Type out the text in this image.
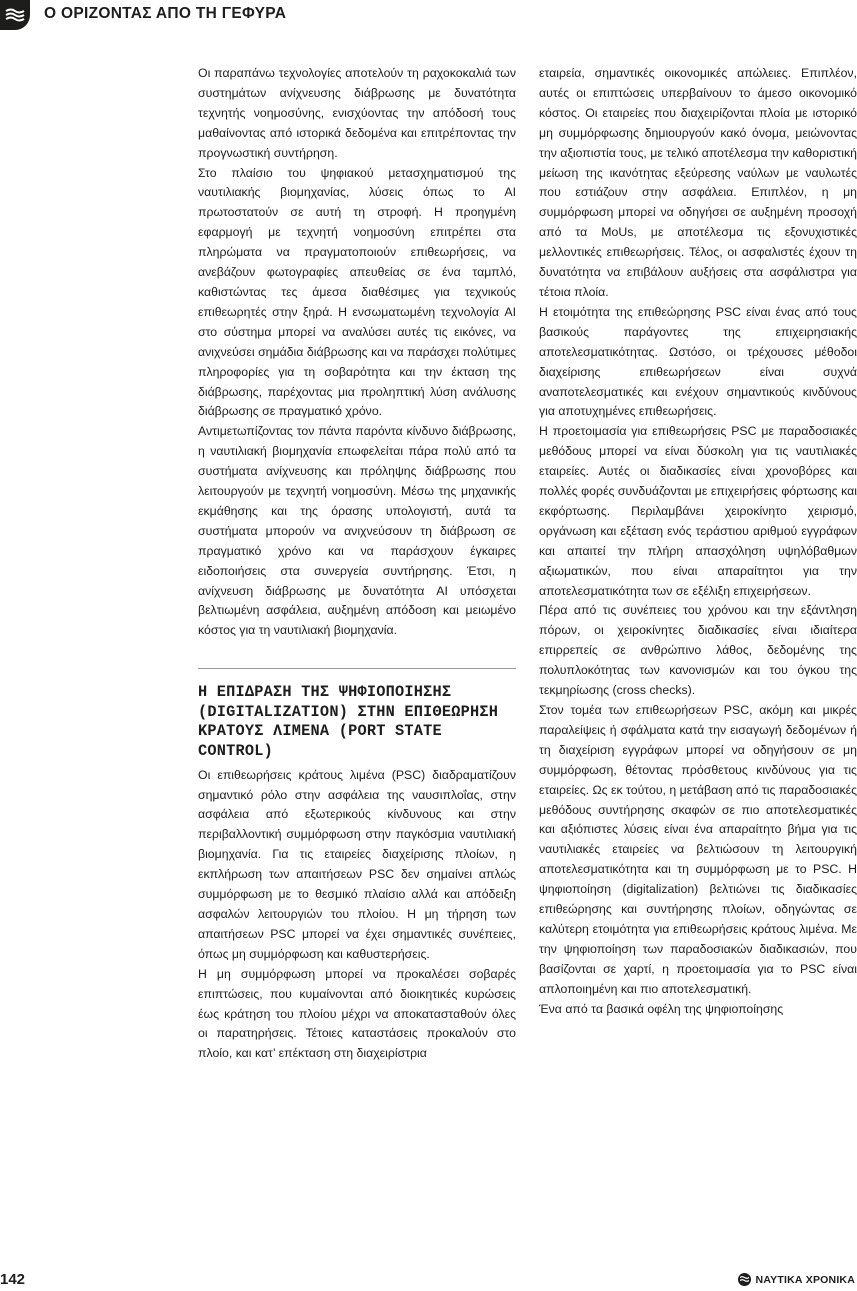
Ο ΟΡΙΖΟΝΤΑΣ ΑΠΟ ΤΗ ΓΕΦΥΡΑ

Οι παραπάνω τεχνολογίες αποτελούν τη ραχοκοκαλιά των συστημάτων ανίχνευσης διάβρωσης με δυνατότητα τεχνητής νοημοσύνης, ενισχύοντας την απόδοσή τους μαθαίνοντας από ιστορικά δεδομένα και επιτρέποντας την προγνωστική συντήρηση.

Στο πλαίσιο του ψηφιακού μετασχηματισμού της ναυτιλιακής βιομηχανίας, λύσεις όπως το AI πρωτοστατούν σε αυτή τη στροφή. Η προηγμένη εφαρμογή με τεχνητή νοημοσύνη επιτρέπει στα πληρώματα να πραγματοποιούν επιθεωρήσεις, να ανεβάζουν φωτογραφίες απευθείας σε ένα ταμπλό, καθιστώντας τες άμεσα διαθέσιμες για τεχνικούς επιθεωρητές στην ξηρά. Η ενσωματωμένη τεχνολογία AI στο σύστημα μπορεί να αναλύσει αυτές τις εικόνες, να ανιχνεύσει σημάδια διάβρωσης και να παράσχει πολύτιμες πληροφορίες για τη σοβαρότητα και την έκταση της διάβρωσης, παρέχοντας μια προληπτική λύση ανάλυσης διάβρωσης σε πραγματικό χρόνο.

Αντιμετωπίζοντας τον πάντα παρόντα κίνδυνο διάβρωσης, η ναυτιλιακή βιομηχανία επωφελείται πάρα πολύ από τα συστήματα ανίχνευσης και πρόληψης διάβρωσης που λειτουργούν με τεχνητή νοημοσύνη. Μέσω της μηχανικής εκμάθησης και της όρασης υπολογιστή, αυτά τα συστήματα μπορούν να ανιχνεύσουν τη διάβρωση σε πραγματικό χρόνο και να παράσχουν έγκαιρες ειδοποιήσεις στα συνεργεία συντήρησης. Έτσι, η ανίχνευση διάβρωσης με δυνατότητα AI υπόσχεται βελτιωμένη ασφάλεια, αυξημένη απόδοση και μειωμένο κόστος για τη ναυτιλιακή βιομηχανία.

Η ΕΠΙΔΡΑΣΗ ΤΗΣ ΨΗΦΙΟΠΟΙΗΣΗΣ (DIGITALIZATION) ΣΤΗΝ ΕΠΙΘΕΩΡΗΣΗ ΚΡΑΤΟΥΣ ΛΙΜΕΝΑ (PORT STATE CONTROL)

Οι επιθεωρήσεις κράτους λιμένα (PSC) διαδραματίζουν σημαντικό ρόλο στην ασφάλεια της ναυσιπλοΐας, στην ασφάλεια από εξωτερικούς κίνδυνους και στην περιβαλλοντική συμμόρφωση στην παγκόσμια ναυτιλιακή βιομηχανία. Για τις εταιρείες διαχείρισης πλοίων, η εκπλήρωση των απαιτήσεων PSC δεν σημαίνει απλώς συμμόρφωση με το θεσμικό πλαίσιο αλλά και απόδειξη ασφαλών λειτουργιών του πλοίου. Η μη τήρηση των απαιτήσεων PSC μπορεί να έχει σημαντικές συνέπειες, όπως μη συμμόρφωση και καθυστερήσεις.

Η μη συμμόρφωση μπορεί να προκαλέσει σοβαρές επιπτώσεις, που κυμαίνονται από διοικητικές κυρώσεις έως κράτηση του πλοίου μέχρι να αποκατασταθούν όλες οι παρατηρήσεις. Τέτοιες καταστάσεις προκαλούν στο πλοίο, και κατ’ επέκταση στη διαχειρίστρια

εταιρεία, σημαντικές οικονομικές απώλειες. Επιπλέον, αυτές οι επιπτώσεις υπερβαίνουν το άμεσο οικονομικό κόστος. Οι εταιρείες που διαχειρίζονται πλοία με ιστορικό μη συμμόρφωσης δημιουργούν κακό όνομα, μειώνοντας την αξιοπιστία τους, με τελικό αποτέλεσμα την καθοριστική μείωση της ικανότητας εξεύρεσης ναύλων με ναυλωτές που εστιάζουν στην ασφάλεια. Επιπλέον, η μη συμμόρφωση μπορεί να οδηγήσει σε αυξημένη προσοχή από τα MoUs, με αποτέλεσμα τις εξονυχιστικές μελλοντικές επιθεωρήσεις. Τέλος, οι ασφαλιστές έχουν τη δυνατότητα να επιβάλουν αυξήσεις στα ασφάλιστρα για τέτοια πλοία.

Η ετοιμότητα της επιθεώρησης PSC είναι ένας από τους βασικούς παράγοντες της επιχειρησιακής αποτελεσματικότητας. Ωστόσο, οι τρέχουσες μέθοδοι διαχείρισης επιθεωρήσεων είναι συχνά αναποτελεσματικές και ενέχουν σημαντικούς κινδύνους για αποτυχημένες επιθεωρήσεις.

Η προετοιμασία για επιθεωρήσεις PSC με παραδοσιακές μεθόδους μπορεί να είναι δύσκολη για τις ναυτιλιακές εταιρείες. Αυτές οι διαδικασίες είναι χρονοβόρες και πολλές φορές συνδυάζονται με επιχειρήσεις φόρτωσης και εκφόρτωσης. Περιλαμβάνει χειροκίνητο χειρισμό, οργάνωση και εξέταση ενός τεράστιου αριθμού εγγράφων και απαιτεί την πλήρη απασχόληση υψηλόβαθμων αξιωματικών, που είναι απαραίτητοι για την αποτελεσματικότητα των σε εξέλιξη επιχειρήσεων.

Πέρα από τις συνέπειες του χρόνου και την εξάντληση πόρων, οι χειροκίνητες διαδικασίες είναι ιδιαίτερα επιρρεπείς σε ανθρώπινο λάθος, δεδομένης της πολυπλοκότητας των κανονισμών και του όγκου της τεκμηρίωσης (cross checks).

Στον τομέα των επιθεωρήσεων PSC, ακόμη και μικρές παραλείψεις ή σφάλματα κατά την εισαγωγή δεδομένων ή τη διαχείριση εγγράφων μπορεί να οδηγήσουν σε μη συμμόρφωση, θέτοντας πρόσθετους κινδύνους για τις εταιρείες. Ως εκ τούτου, η μετάβαση από τις παραδοσιακές μεθόδους συντήρησης σκαφών σε πιο αποτελεσματικές και αξιόπιστες λύσεις είναι ένα απαραίτητο βήμα για τις ναυτιλιακές εταιρείες να βελτιώσουν τη λειτουργική αποτελεσματικότητα και τη συμμόρφωση με το PSC. Η ψηφιοποίηση (digitalization) βελτιώνει τις διαδικασίες επιθεώρησης και συντήρησης πλοίων, οδηγώντας σε καλύτερη ετοιμότητα για επιθεωρήσεις κράτους λιμένα. Με την ψηφιοποίηση των παραδοσιακών διαδικασιών, που βασίζονται σε χαρτί, η προετοιμασία για το PSC είναι απλοποιημένη και πιο αποτελεσματική.

Ένα από τα βασικά οφέλη της ψηφιοποίησης

142	ΝΑΥΤΙΚΑ ΧΡΟΝΙΚΑ
